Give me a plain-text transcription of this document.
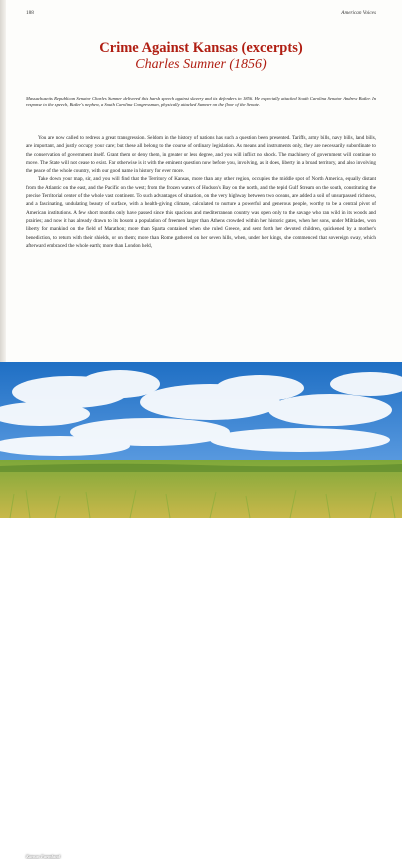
188	American Voices
Crime Against Kansas (excerpts)
Charles Sumner (1856)
Massachusetts Republican Senator Charles Sumner delivered this harsh speech against slavery and its defenders in 1856. He especially attacked South Carolina Senator Andrew Butler. In response to the speech, Butler's nephew, a South Carolina Congressman, physically attacked Sumner on the floor of the Senate.

You are now called to redress a great transgression. Seldom in the history of nations has such a question been presented. Tariffs, army bills, navy bills, land bills, are important, and justly occupy your care; but these all belong to the course of ordinary legislation. As means and instruments only, they are necessarily subordinate to the conservation of government itself. Grant them or deny them, in greater or less degree, and you will inflict no shock. The machinery of government will continue to move. The State will not cease to exist. Far otherwise is it with the eminent question now before you, involving, as it does, liberty in a broad territory, and also involving the peace of the whole country, with our good name in history for ever more.

Take down your map, sir, and you will find that the Territory of Kansas, more than any other region, occupies the middle spot of North America, equally distant from the Atlantic on the east, and the Pacific on the west; from the frozen waters of Hudson's Bay on the north, and the tepid Gulf Stream on the south, constituting the precise Territorial center of the whole vast continent. To such advantages of situation, on the very highway between two oceans, are added a soil of unsurpassed richness, and a fascinating, undulating beauty of surface, with a health-giving climate, calculated to nurture a powerful and generous people, worthy to be a central pivot of American institutions. A few short months only have passed since this spacious and mediterranean country was open only to the savage who ran wild in its woods and prairies; and now it has already drawn to its bosom a population of freemen larger than Athens crowded within her historic gates, when her sons, under Miltiades, won liberty for mankind on the field of Marathon; more than Sparta contained when she ruled Greece, and sent forth her devoted children, quickened by a mother's benediction, to return with their shields, or on them; more than Rome gathered on her seven hills, when, under her kings, she commenced that sovereign sway, which afterward embraced the whole earth; more than London held,

Kansas Farmland
